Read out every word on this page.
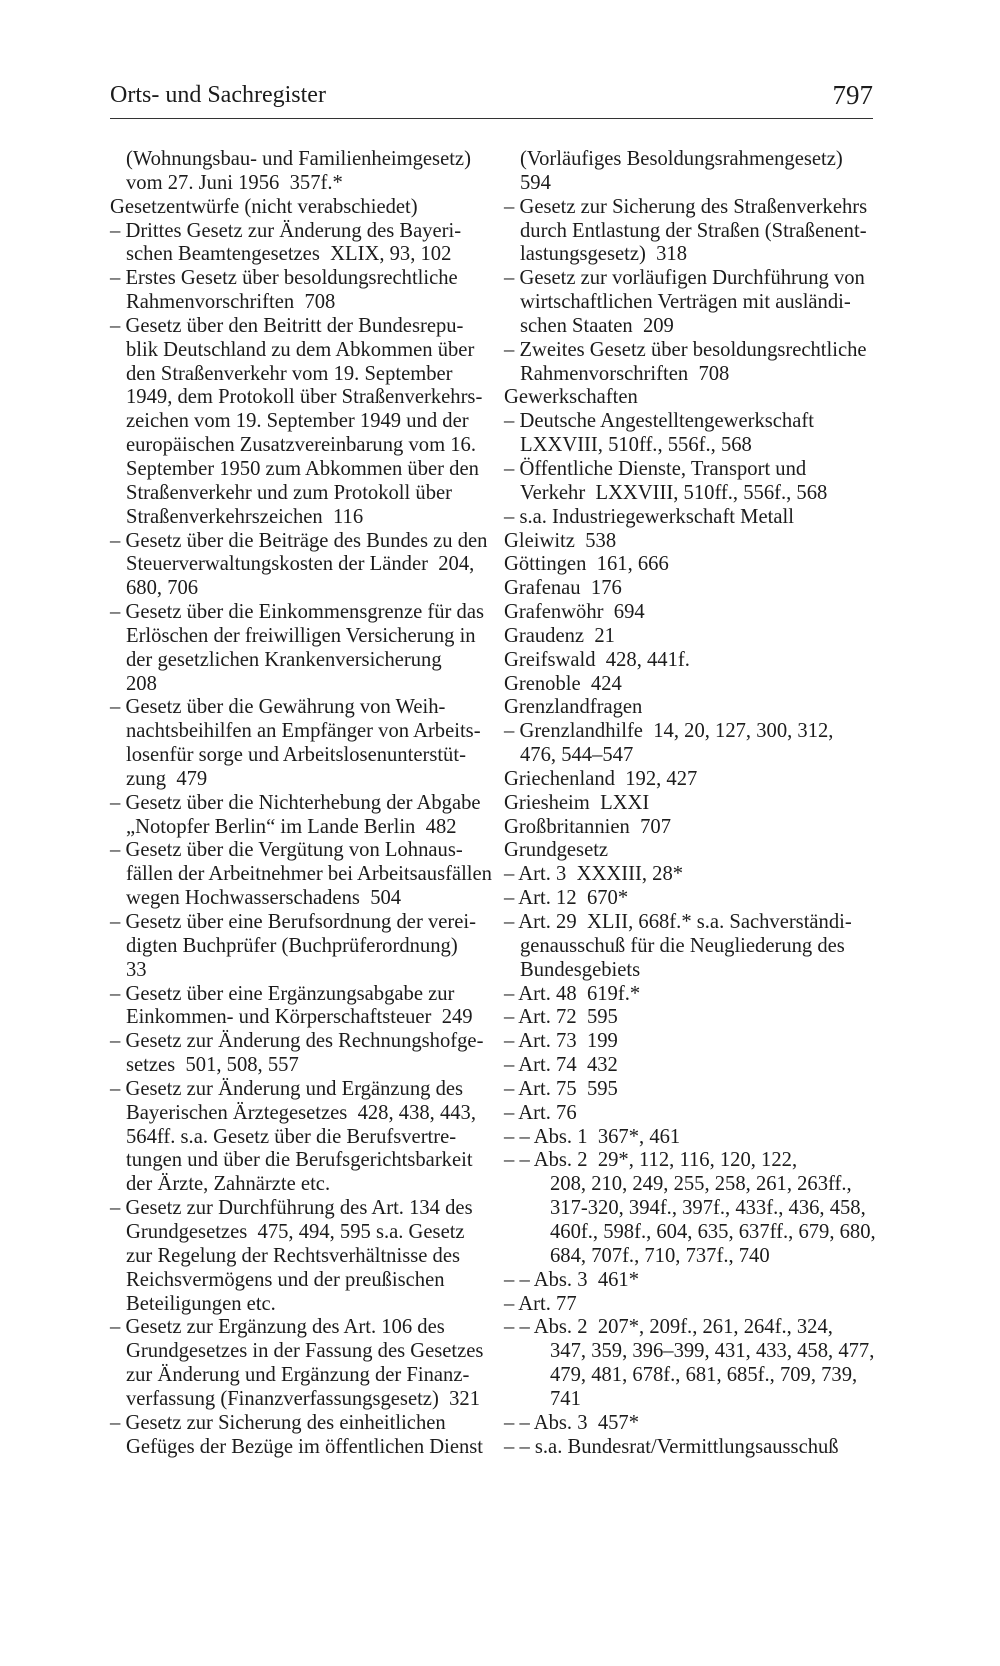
Orts- und Sachregister	797
(Wohnungsbau- und Familienheimgesetz)
vom 27. Juni 1956 357f.*
Gesetzentwürfe (nicht verabschiedet)
– Drittes Gesetz zur Änderung des Bayeri-
schen Beamtengesetzes XLIX, 93, 102
– Erstes Gesetz über besoldungsrechtliche
Rahmenvorschriften 708
– Gesetz über den Beitritt der Bundesrepu-
blik Deutschland zu dem Abkommen über
den Straßenverkehr vom 19. September
1949, dem Protokoll über Straßenverkehrs-
zeichen vom 19. September 1949 und der
europäischen Zusatzvereinbarung vom 16.
September 1950 zum Abkommen über den
Straßenverkehr und zum Protokoll über
Straßenverkehrszeichen 116
– Gesetz über die Beiträge des Bundes zu den
Steuerverwaltungskosten der Länder 204,
680, 706
– Gesetz über die Einkommensgrenze für das
Erlöschen der freiwilligen Versicherung in
der gesetzlichen Krankenversicherung
208
– Gesetz über die Gewährung von Weih-
nachtsbeihilfen an Empfänger von Arbeits-
losenfür sorge und Arbeitslosenunterstüt-
zung 479
– Gesetz über die Nichterhebung der Abgabe
„Notopfer Berlin“ im Lande Berlin 482
– Gesetz über die Vergütung von Lohnaus-
fällen der Arbeitnehmer bei Arbeitsausfällen
wegen Hochwasserschadens 504
– Gesetz über eine Berufsordnung der verei-
digten Buchprüfer (Buchprüferordnung)
33
– Gesetz über eine Ergänzungsabgabe zur
Einkommen- und Körperschaftsteuer 249
– Gesetz zur Änderung des Rechnungshofge-
setzes 501, 508, 557
– Gesetz zur Änderung und Ergänzung des
Bayerischen Ärztegesetzes 428, 438, 443,
564ff. s.a. Gesetz über die Berufsvertre-
tungen und über die Berufsgerichtsbarkeit
der Ärzte, Zahnärzte etc.
– Gesetz zur Durchführung des Art. 134 des
Grundgesetzes 475, 494, 595 s.a. Gesetz
zur Regelung der Rechtsverhältnisse des
Reichsvermögens und der preußischen
Beteiligungen etc.
– Gesetz zur Ergänzung des Art. 106 des
Grundgesetzes in der Fassung des Gesetzes
zur Änderung und Ergänzung der Finanz-
verfassung (Finanzverfassungsgesetz) 321
– Gesetz zur Sicherung des einheitlichen
Gefüges der Bezüge im öffentlichen Dienst
(Vorläufiges Besoldungsrahmengesetz)
594
– Gesetz zur Sicherung des Straßenverkehrs
durch Entlastung der Straßen (Straßenent-
lastungsgesetz) 318
– Gesetz zur vorläufigen Durchführung von
wirtschaftlichen Verträgen mit ausländi-
schen Staaten 209
– Zweites Gesetz über besoldungsrechtliche
Rahmenvorschriften 708
Gewerkschaften
– Deutsche Angestelltengewerkschaft
LXXVIII, 510ff., 556f., 568
– Öffentliche Dienste, Transport und
Verkehr LXXVIII, 510ff., 556f., 568
– s.a. Industriegewerkschaft Metall
Gleiwitz 538
Göttingen 161, 666
Grafenau 176
Grafenwöhr 694
Graudenz 21
Greifswald 428, 441f.
Grenoble 424
Grenzlandfragen
– Grenzlandhilfe 14, 20, 127, 300, 312,
476, 544–547
Griechenland 192, 427
Griesheim LXXI
Großbritannien 707
Grundgesetz
– Art. 3 XXXIII, 28*
– Art. 12 670*
– Art. 29 XLII, 668f.* s.a. Sachverständi-
genausschuß für die Neugliederung des
Bundesgebiets
– Art. 48 619f.*
– Art. 72 595
– Art. 73 199
– Art. 74 432
– Art. 75 595
– Art. 76
– – Abs. 1 367*, 461
– – Abs. 2 29*, 112, 116, 120, 122,
208, 210, 249, 255, 258, 261, 263ff.,
317-320, 394f., 397f., 433f., 436, 458,
460f., 598f., 604, 635, 637ff., 679, 680,
684, 707f., 710, 737f., 740
– – Abs. 3 461*
– Art. 77
– – Abs. 2 207*, 209f., 261, 264f., 324,
347, 359, 396–399, 431, 433, 458, 477,
479, 481, 678f., 681, 685f., 709, 739,
741
– – Abs. 3 457*
– – s.a. Bundesrat/Vermittlungsausschuß
